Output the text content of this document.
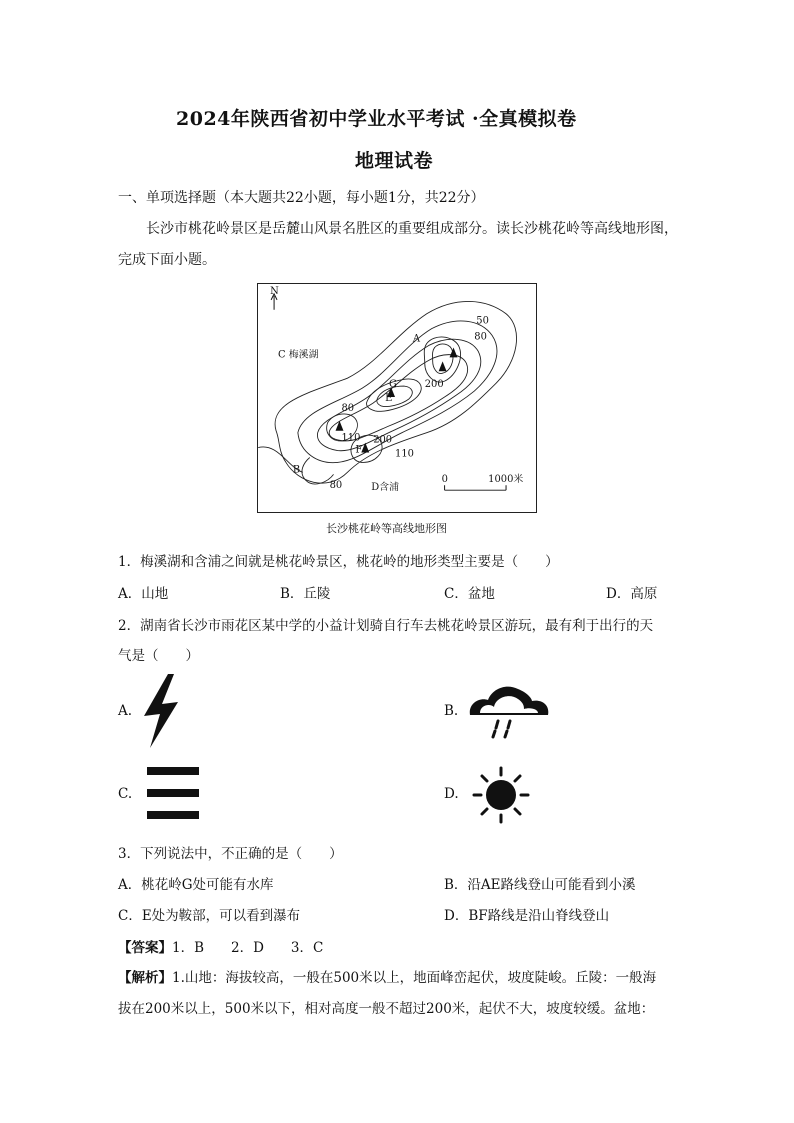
2024年陕西省初中学业水平考试 ·全真模拟卷
地理试卷
一、单项选择题（本大题共22小题，每小题1分，共22分）
长沙市桃花岭景区是岳麓山风景名胜区的重要组成部分。读长沙桃花岭等高线地形图，
完成下面小题。
N
C 梅溪湖
D含浦
A
B
E
F
G
50
80
200
80
110 200
110
80
0	1000米
长沙桃花岭等高线地形图
1．梅溪湖和含浦之间就是桃花岭景区，桃花岭的地形类型主要是（　　）
A．山地	B．丘陵	C．盆地	D．高原
2．湖南省长沙市雨花区某中学的小益计划骑自行车去桃花岭景区游玩，最有利于出行的天
气是（　　）
A.	B.
C.	D.
3．下列说法中，不正确的是（　　）
A．桃花岭G处可能有水库	B．沿AE路线登山可能看到小溪
C．E处为鞍部，可以看到瀑布	D．BF路线是沿山脊线登山
【答案】1．B　　2．D　　3．C
【解析】1.山地：海拔较高，一般在500米以上，地面峰峦起伏，坡度陡峻。丘陵：一般海
拔在200米以上，500米以下，相对高度一般不超过200米，起伏不大，坡度较缓。盆地：
